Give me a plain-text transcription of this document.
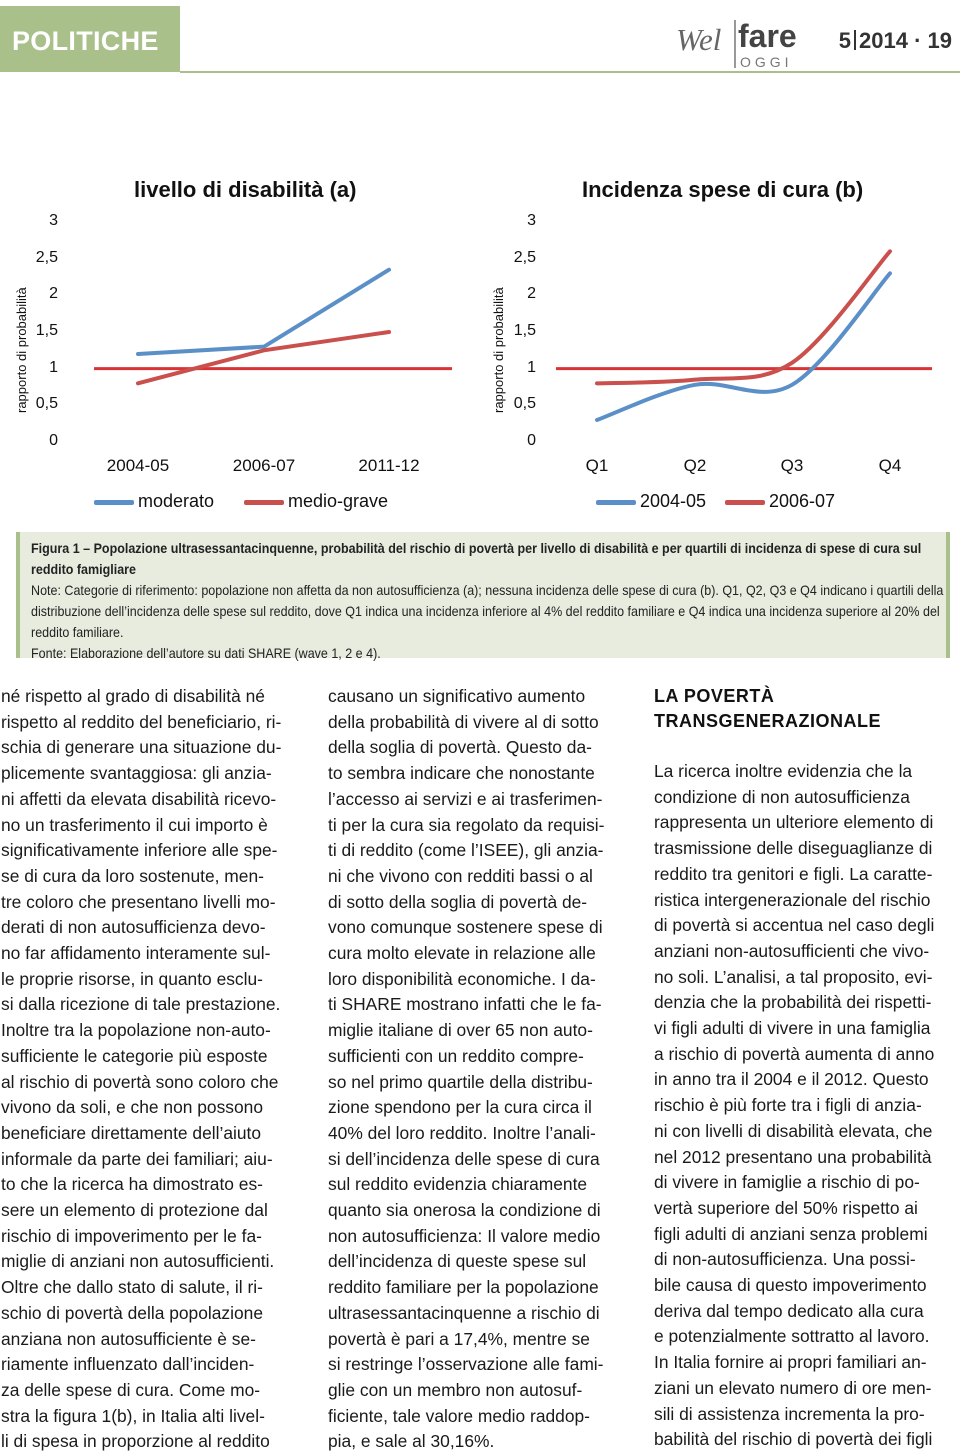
POLITICHE	Wel fare
OGGI
5 2014 · 19
livello di disabilità (a)	Incidenza spese di cura (b)
rapporto di probabilità	rapporto di probabilità
0
0,5
1
1,5
2
2,5
3
2004-05	2006-07	2011-12
moderato	medio-grave
0
0,5
1
1,5
2
2,5
3
Q1	Q2	Q3	Q4
2004-05	2006-07

Figura 1 – Popolazione ultrasessantacinquenne, probabilità del rischio di povertà per livello di disabilità e per quartili di incidenza di spese di cura sul reddito famigliare

Note: Categorie di riferimento: popolazione non affetta da non autosufficienza (a); nessuna incidenza delle spese di cura (b). Q1, Q2, Q3 e Q4 indicano i quartili della distribuzione dell’incidenza delle spese sul reddito, dove Q1 indica una incidenza inferiore al 4% del reddito familiare e Q4 indica una incidenza superiore al 20% del reddito familiare.

Fonte: Elaborazione dell’autore su dati SHARE (wave 1, 2 e 4).

né rispetto al grado di disabilità né

rispetto al reddito del beneficiario, ri-

schia di generare una situazione du-

plicemente svantaggiosa: gli anzia-

ni affetti da elevata disabilità ricevo-

no un trasferimento il cui importo è

significativamente inferiore alle spe-

se di cura da loro sostenute, men-

tre coloro che presentano livelli mo-

derati di non autosufficienza devo-

no far affidamento interamente sul-

le proprie risorse, in quanto esclu-

si dalla ricezione di tale prestazione.

Inoltre tra la popolazione non-auto-

sufficiente le categorie più esposte

al rischio di povertà sono coloro che

vivono da soli, e che non possono

beneficiare direttamente dell’aiuto

informale da parte dei familiari; aiu-

to che la ricerca ha dimostrato es-

sere un elemento di protezione dal

rischio di impoverimento per le fa-

miglie di anziani non autosufficienti.

Oltre che dallo stato di salute, il ri-

schio di povertà della popolazione

anziana non autosufficiente è se-

riamente influenzato dall’inciden-

za delle spese di cura. Come mo-

stra la figura 1(b), in Italia alti livel-

li di spesa in proporzione al reddito

causano un significativo aumento

della probabilità di vivere al di sotto

della soglia di povertà. Questo da-

to sembra indicare che nonostante

l’accesso ai servizi e ai trasferimen-

ti per la cura sia regolato da requisi-

ti di reddito (come l’ISEE), gli anzia-

ni che vivono con redditi bassi o al

di sotto della soglia di povertà de-

vono comunque sostenere spese di

cura molto elevate in relazione alle

loro disponibilità economiche. I da-

ti SHARE mostrano infatti che le fa-

miglie italiane di over 65 non auto-

sufficienti con un reddito compre-

so nel primo quartile della distribu-

zione spendono per la cura circa il

40% del loro reddito. Inoltre l’anali-

si dell’incidenza delle spese di cura

sul reddito evidenzia chiaramente

quanto sia onerosa la condizione di

non autosufficienza: Il valore medio

dell’incidenza di queste spese sul

reddito familiare per la popolazione

ultrasessantacinquenne a rischio di

povertà è pari a 17,4%, mentre se

si restringe l’osservazione alle fami-

glie con un membro non autosuf-

ficiente, tale valore medio raddop-

pia, e sale al 30,16%.

LA POVERTÀ
TRANSGENERAZIONALE

La ricerca inoltre evidenzia che la

condizione di non autosufficienza

rappresenta un ulteriore elemento di

trasmissione delle diseguaglianze di

reddito tra genitori e figli. La caratte-

ristica intergenerazionale del rischio

di povertà si accentua nel caso degli

anziani non-autosufficienti che vivo-

no soli. L’analisi, a tal proposito, evi-

denzia che la probabilità dei rispetti-

vi figli adulti di vivere in una famiglia

a rischio di povertà aumenta di anno

in anno tra il 2004 e il 2012. Questo

rischio è più forte tra i figli di anzia-

ni con livelli di disabilità elevata, che

nel 2012 presentano una probabilità

di vivere in famiglie a rischio di po-

vertà superiore del 50% rispetto ai

figli adulti di anziani senza problemi

di non-autosufficienza. Una possi-

bile causa di questo impoverimento

deriva dal tempo dedicato alla cura

e potenzialmente sottratto al lavoro.

In Italia fornire ai propri familiari an-

ziani un elevato numero di ore men-

sili di assistenza incrementa la pro-

babilità del rischio di povertà dei figli
